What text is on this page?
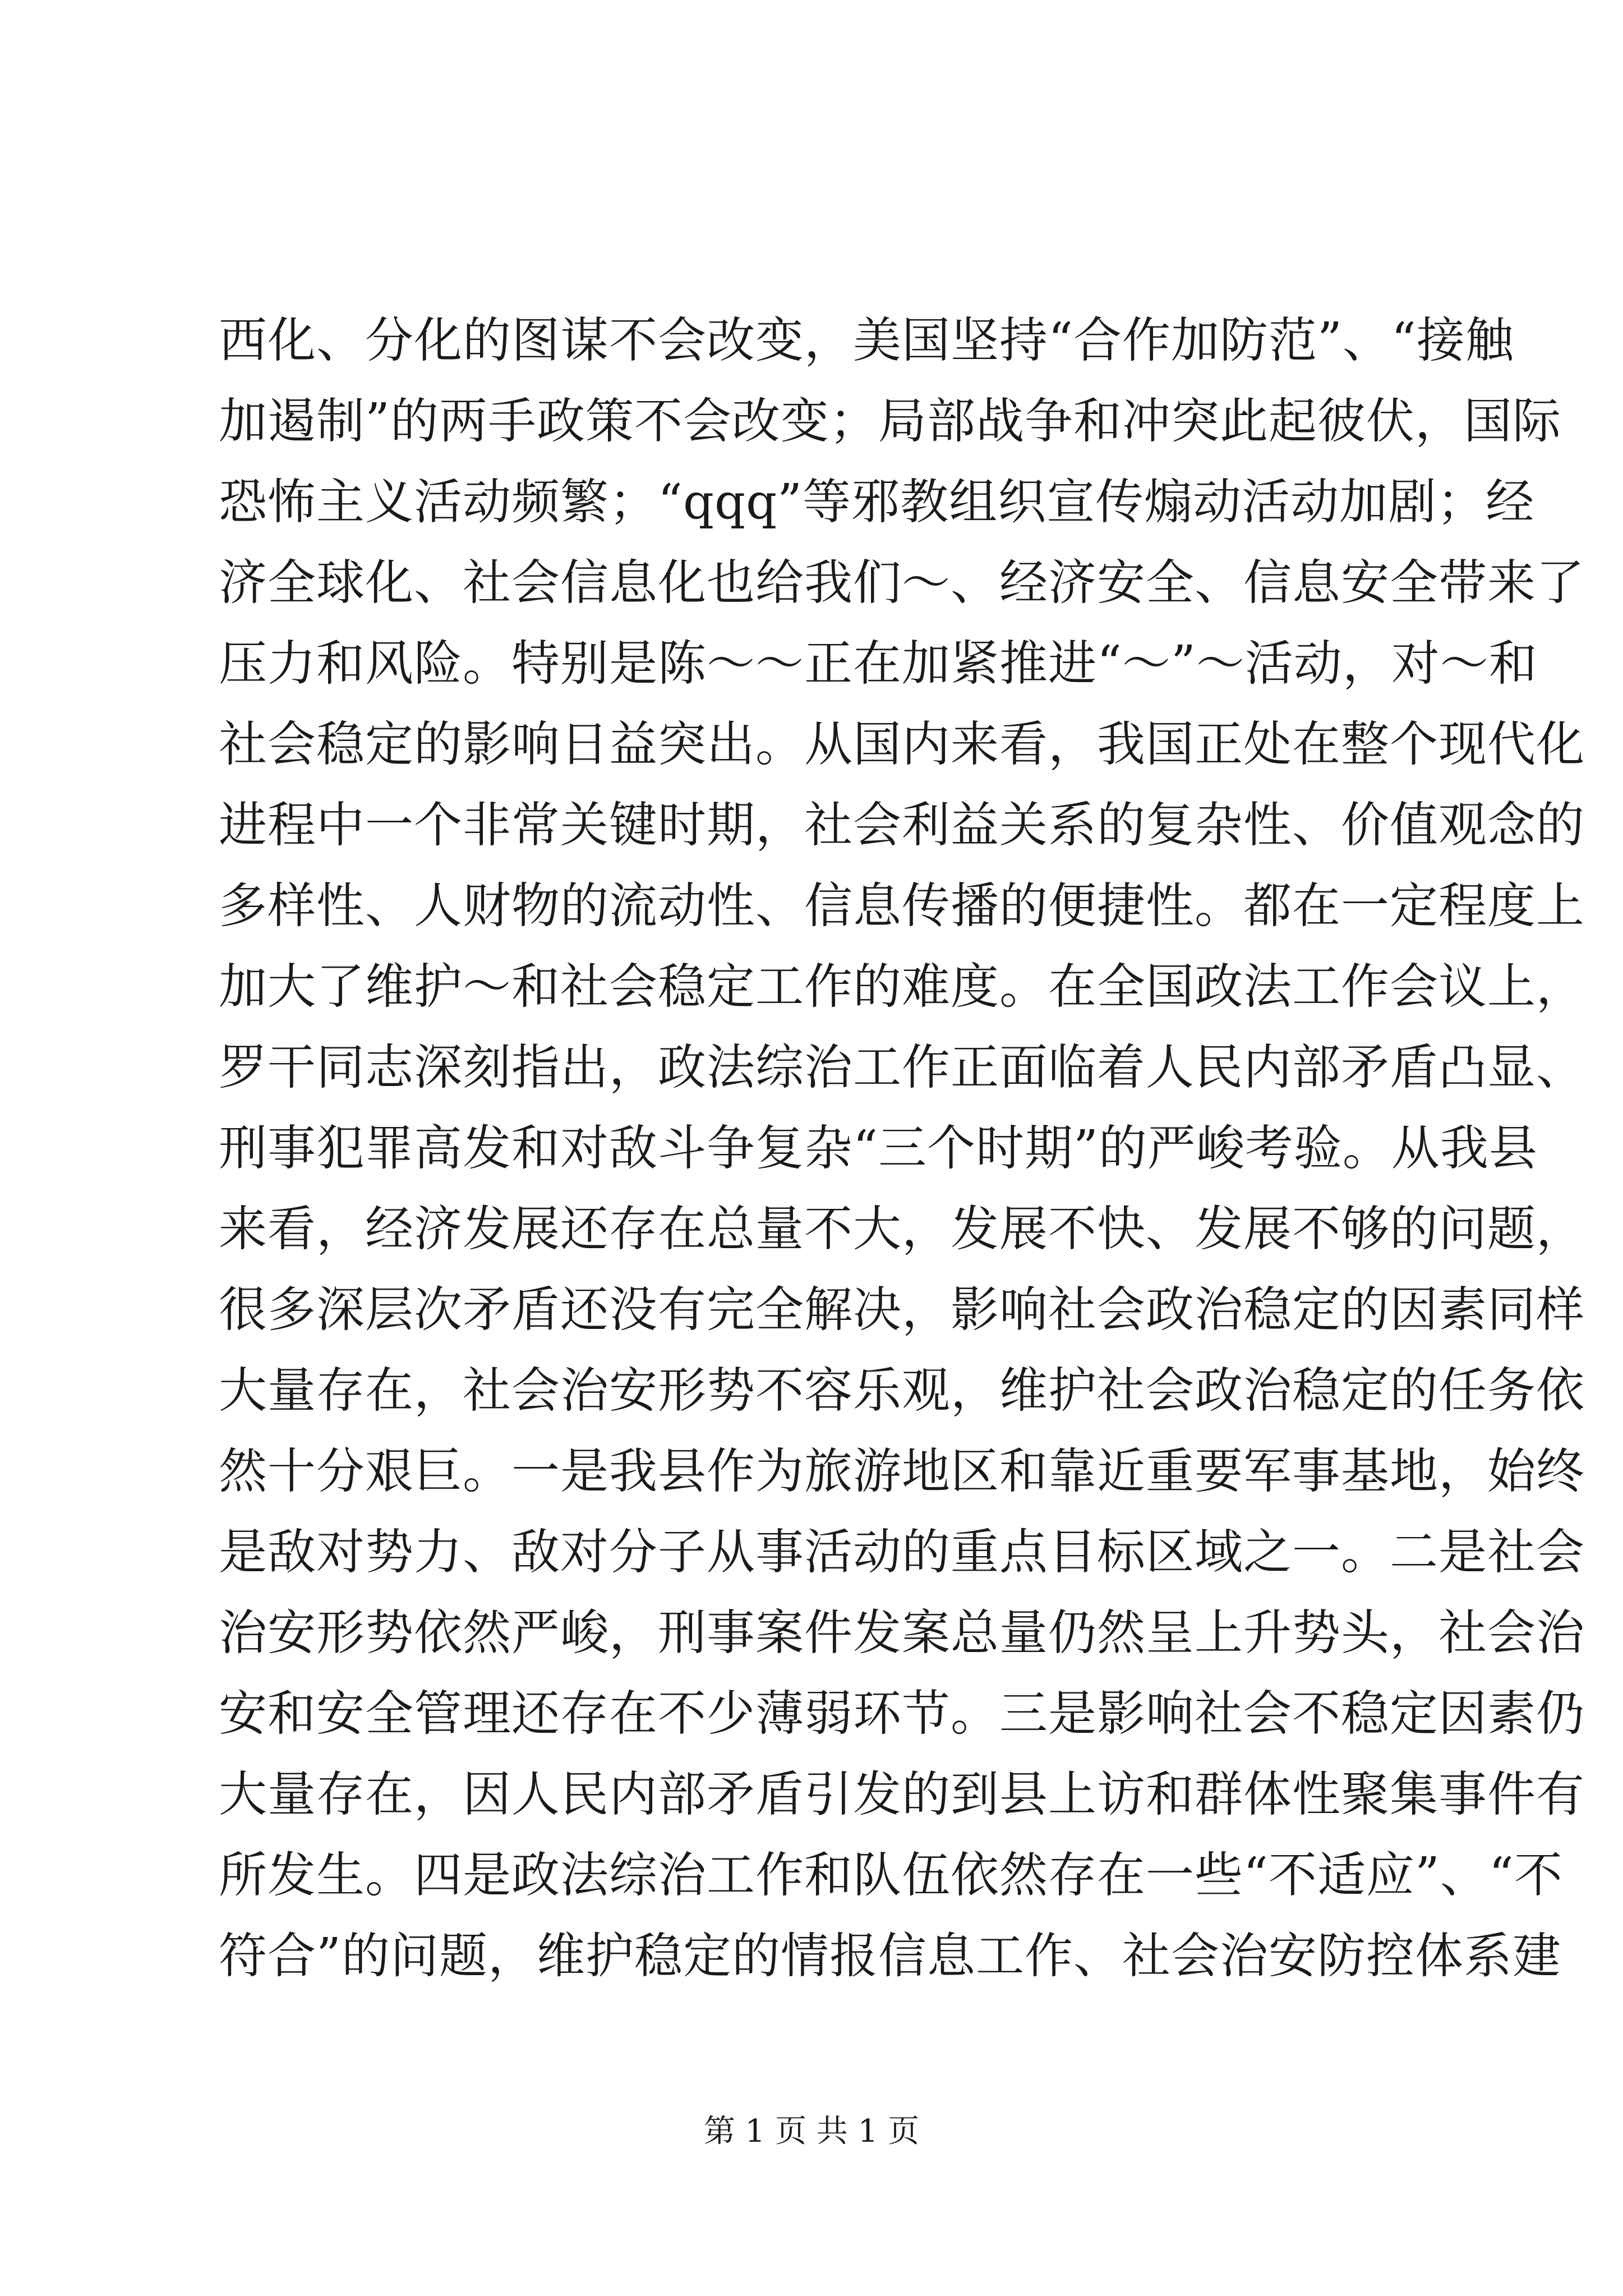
西化、分化的图谋不会改变，美国坚持“合作加防范”、“接触
加遏制”的两手政策不会改变；局部战争和冲突此起彼伏，国际
恐怖主义活动频繁；“qqq”等邪教组织宣传煽动活动加剧；经
济全球化、社会信息化也给我们～、经济安全、信息安全带来了
压力和风险。特别是陈～～正在加紧推进“～”～活动，对～和
社会稳定的影响日益突出。从国内来看，我国正处在整个现代化
进程中一个非常关键时期，社会利益关系的复杂性、价值观念的
多样性、人财物的流动性、信息传播的便捷性。都在一定程度上
加大了维护～和社会稳定工作的难度。在全国政法工作会议上，
罗干同志深刻指出，政法综治工作正面临着人民内部矛盾凸显、
刑事犯罪高发和对敌斗争复杂“三个时期”的严峻考验。从我县
来看，经济发展还存在总量不大，发展不快、发展不够的问题，
很多深层次矛盾还没有完全解决，影响社会政治稳定的因素同样
大量存在，社会治安形势不容乐观，维护社会政治稳定的任务依
然十分艰巨。一是我县作为旅游地区和靠近重要军事基地，始终
是敌对势力、敌对分子从事活动的重点目标区域之一。二是社会
治安形势依然严峻，刑事案件发案总量仍然呈上升势头，社会治
安和安全管理还存在不少薄弱环节。三是影响社会不稳定因素仍
大量存在，因人民内部矛盾引发的到县上访和群体性聚集事件有
所发生。四是政法综治工作和队伍依然存在一些“不适应”、“不
符合”的问题，维护稳定的情报信息工作、社会治安防控体系建
第 1 页 共 1 页
